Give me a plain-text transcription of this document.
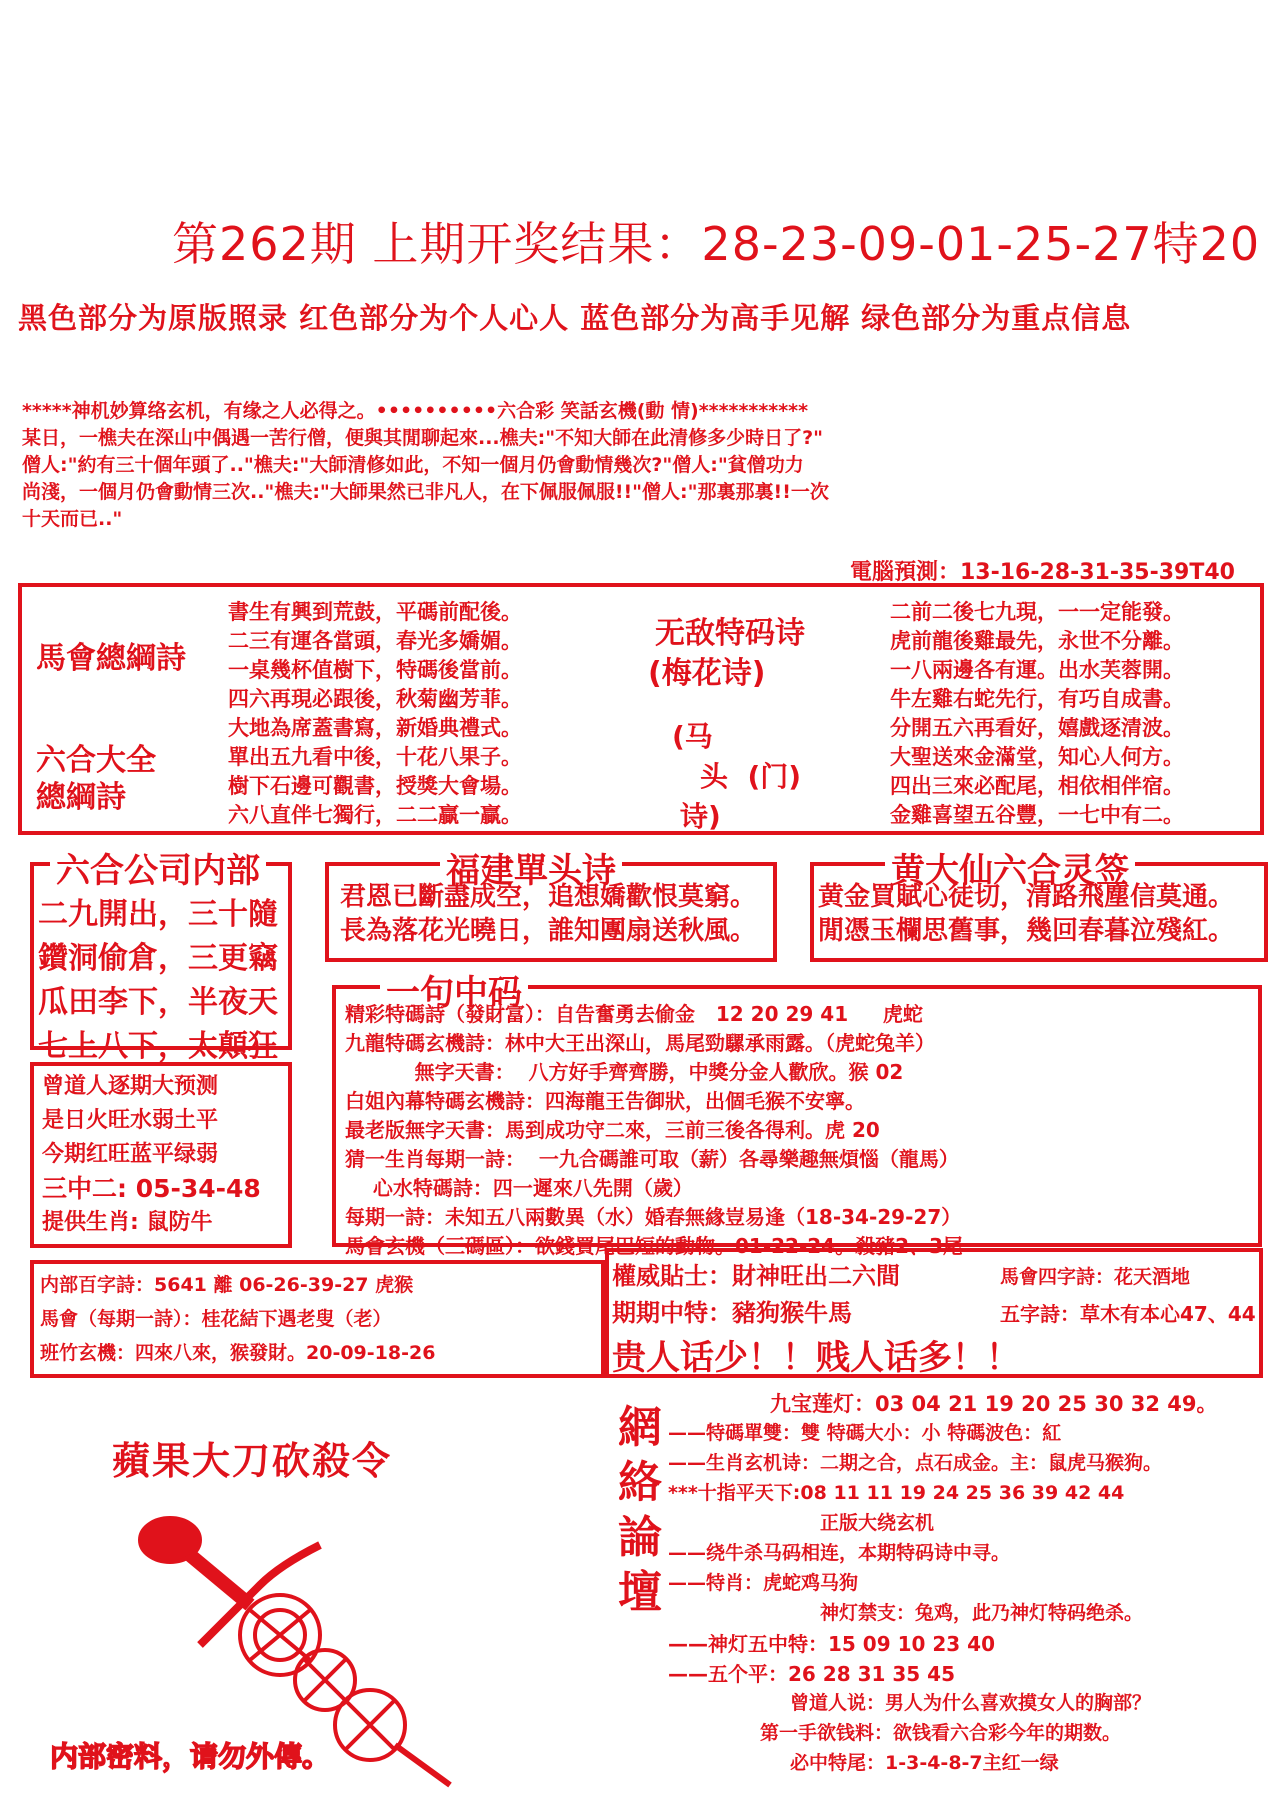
第262期 上期开奖结果：28-23-09-01-25-27特20
黑色部分为原版照录 红色部分为个人心人 蓝色部分为高手见解 绿色部分为重点信息
*****神机妙算络玄机，有缘之人必得之。••••••••••六合彩 笑話玄機(動 情)***********
某日，一樵夫在深山中偶遇一苦行僧，便與其閒聊起來...樵夫:"不知大師在此清修多少時日了?"
僧人:"約有三十個年頭了.."樵夫:"大師清修如此，不知一個月仍會動情幾次?"僧人:"貧僧功力
尚淺，一個月仍會動情三次.."樵夫:"大師果然已非凡人，在下佩服佩服!!"僧人:"那裏那裏!!一次
十天而已.."
電腦預測：13-16-28-31-35-39T40
馬會總綱詩
六合大全
總綱詩
書生有興到荒鼓，平碼前配後。
二三有運各當頭，春光多嬌媚。
一桌幾杯值樹下，特碼後當前。
四六再現必跟後，秋菊幽芳菲。
大地為席蓋書寫，新婚典禮式。
單出五九看中後，十花八果子。
樹下石邊可觀書，授獎大會場。
六八直伴七獨行，二二贏一贏。
无敌特码诗
(梅花诗)
(马
头  (门)
诗)
二前二後七九現，一一定能發。
虎前龍後雞最先，永世不分離。
一八兩邊各有運。出水芙蓉開。
牛左雞右蛇先行，有巧自成書。
分開五六再看好，嬉戲逐清波。
大聖送來金滿堂，知心人何方。
四出三來必配尾，相依相伴宿。
金雞喜望五谷豐，一七中有二。
六合公司内部
二九開出，三十隨
鑽洞偷倉，三更竊
瓜田李下，半夜天
七上八下，太顛狂
福建單头诗
君恩已斷盡成空，追想嬌歡恨莫窮。
長為落花光曉日，誰知團扇送秋風。
黄大仙六合灵签
黄金買賦心徒切，清路飛塵信莫通。
閒憑玉欄思舊事，幾回春暮泣殘紅。
一句中码
精彩特碼詩（發財富）：自告奮勇去偷金   12 20 29 41     虎蛇
九龍特碼玄機詩：林中大王出深山，馬尾勁騾承雨露。（虎蛇兔羊）
無字天書：  八方好手齊齊勝，中獎分金人歡欣。猴 02
白姐內幕特碼玄機詩：四海龍王告御狀，出個毛猴不安寧。
最老版無字天書：馬到成功守二來，三前三後各得利。虎 20
猜一生肖每期一詩：  一九合碼誰可取（薪）各尋樂趣無煩惱（龍馬）
心水特碼詩：四一遲來八先開（歲）
每期一詩：未知五八兩數異（水）婚春無緣豈易逢（18-34-29-27）
馬會玄機（三碼區）：欲錢買尾巴短的動物。01-22-24。殺豬2、3尾
曾道人逐期大预测
是日火旺水弱土平
今期红旺蓝平绿弱
三中二: 05-34-48
提供生肖: 鼠防牛
内部百字詩：5641 離 06-26-39-27 虎猴
馬會（每期一詩）：桂花結下遇老叟（老）
班竹玄機：四來八來，猴發財。20-09-18-26
權威貼士：財神旺出二六間	馬會四字詩：花天酒地
期期中特：豬狗猴牛馬	五字詩：草木有本心47、44
贵人话少！！贱人话多！！
蘋果大刀砍殺令
内部密料，请勿外傳。
網
絡
論
壇
九宝莲灯：03 04 21 19 20 25 30 32 49。
——特碼單雙：雙 特碼大小：小 特碼波色：紅
——生肖玄机诗：二期之合，点石成金。主：鼠虎马猴狗。
***十指平天下:08 11 11 19 24 25 36 39 42 44
正版大绕玄机
——绕牛杀马码相连，本期特码诗中寻。
——特肖：虎蛇鸡马狗
神灯禁支：兔鸡，此乃神灯特码绝杀。
——神灯五中特：15 09 10 23 40
——五个平：26 28 31 35 45
曾道人说：男人为什么喜欢摸女人的胸部？
第一手欲钱料：欲钱看六合彩今年的期数。
必中特尾：1-3-4-8-7主红一绿
